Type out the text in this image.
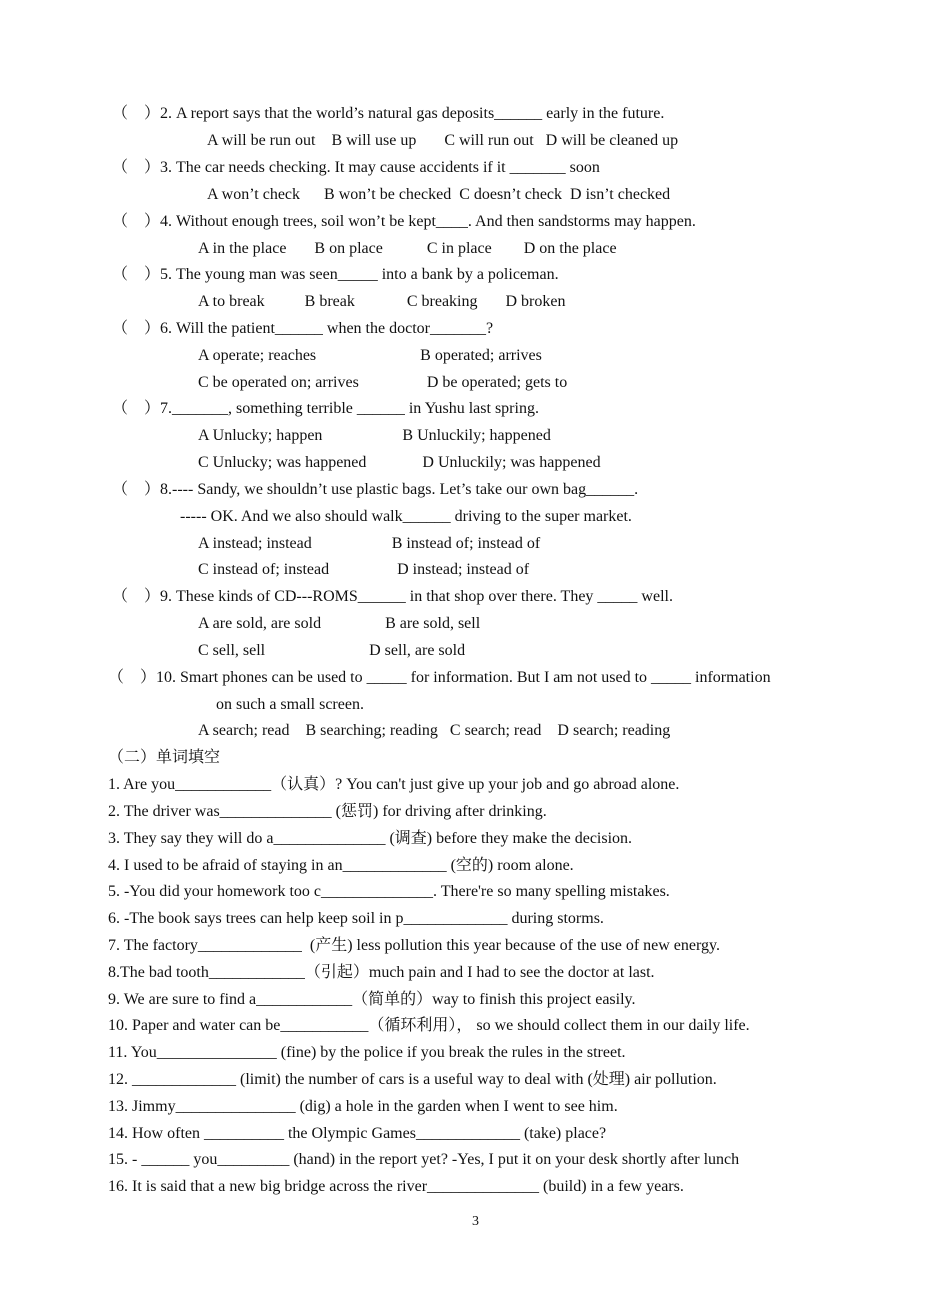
（    ）2. A report says that the world’s natural gas deposits______ early in the future.
A will be run out    B will use up       C will run out   D will be cleaned up
（    ）3. The car needs checking. It may cause accidents if it _______ soon
A won’t check      B won’t be checked  C doesn’t check  D isn’t checked
（    ）4. Without enough trees, soil won’t be kept____. And then sandstorms may happen.
A in the place       B on place           C in place        D on the place
（    ）5. The young man was seen_____ into a bank by a policeman.
A to break          B break             C breaking       D broken
（    ）6. Will the patient______ when the doctor_______?
A operate; reaches                          B operated; arrives
C be operated on; arrives                 D be operated; gets to
（    ）7._______, something terrible ______ in Yushu last spring.
A Unlucky; happen                    B Unluckily; happened
C Unlucky; was happened              D Unluckily; was happened
（    ）8.---- Sandy, we shouldn’t use plastic bags. Let’s take our own bag______.
----- OK. And we also should walk______ driving to the super market.
A instead; instead                    B instead of; instead of
C instead of; instead                 D instead; instead of
（    ）9. These kinds of CD---ROMS______ in that shop over there. They _____ well.
A are sold, are sold                B are sold, sell
C sell, sell                          D sell, are sold
（    ）10. Smart phones can be used to _____ for information. But I am not used to _____ information
on such a small screen.
A search; read    B searching; reading   C search; read    D search; reading
（二）单词填空
1. Are you____________（认真）? You can't just give up your job and go abroad alone.
2. The driver was______________ (惩罚) for driving after drinking.
3. They say they will do a______________ (调查) before they make the decision.
4. I used to be afraid of staying in an_____________ (空的) room alone.
5. -You did your homework too c______________. There're so many spelling mistakes.
6. -The book says trees can help keep soil in p_____________ during storms.
7. The factory_____________  (产生) less pollution this year because of the use of new energy.
8.The bad tooth____________（引起）much pain and I had to see the doctor at last.
9. We are sure to find a____________（简单的）way to finish this project easily.
10. Paper and water can be___________（循环利用）， so we should collect them in our daily life.
11. You_______________ (fine) by the police if you break the rules in the street.
12. _____________ (limit) the number of cars is a useful way to deal with (处理) air pollution.
13. Jimmy_______________ (dig) a hole in the garden when I went to see him.
14. How often __________ the Olympic Games_____________ (take) place?
15. - ______ you_________ (hand) in the report yet? -Yes, I put it on your desk shortly after lunch
16. It is said that a new big bridge across the river______________ (build) in a few years.
3
